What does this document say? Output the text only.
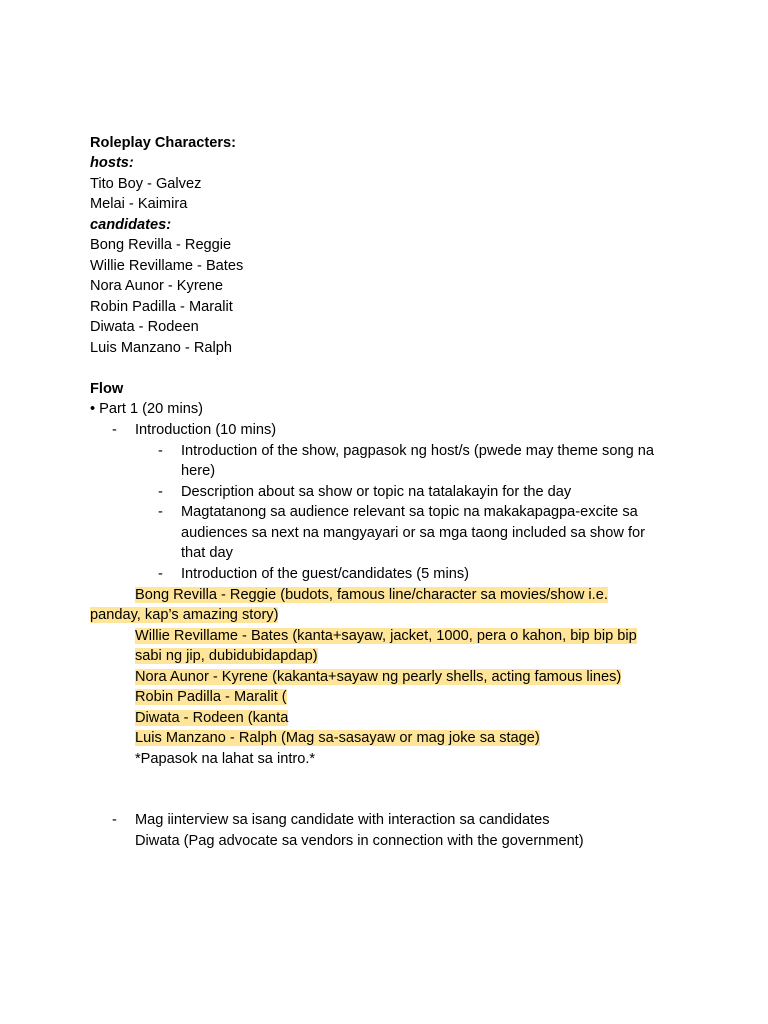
Roleplay Characters:
hosts:
Tito Boy - Galvez
Melai - Kaimira
candidates:
Bong Revilla - Reggie
Willie Revillame - Bates
Nora Aunor - Kyrene
Robin Padilla - Maralit
Diwata - Rodeen
Luis Manzano - Ralph
Flow
• Part 1 (20 mins)
- Introduction (10 mins)
- Introduction of the show, pagpasok ng host/s (pwede may theme song na
here)
- Description about sa show or topic na tatalakayin for the day
- Magtatanong sa audience relevant sa topic na makakapagpa-excite sa
audiences sa next na mangyayari or sa mga taong included sa show for
that day
- Introduction of the guest/candidates (5 mins)
Bong Revilla - Reggie (budots, famous line/character sa movies/show i.e.
panday, kap’s amazing story)
Willie Revillame - Bates (kanta+sayaw, jacket, 1000, pera o kahon, bip bip bip
sabi ng jip, dubidubidapdap)
Nora Aunor - Kyrene (kakanta+sayaw ng pearly shells, acting famous lines)
Robin Padilla - Maralit (
Diwata - Rodeen (kanta
Luis Manzano - Ralph (Mag sa-sasayaw or mag joke sa stage)
*Papasok na lahat sa intro.*
- Mag iinterview sa isang candidate with interaction sa candidates
Diwata (Pag advocate sa vendors in connection with the government)
